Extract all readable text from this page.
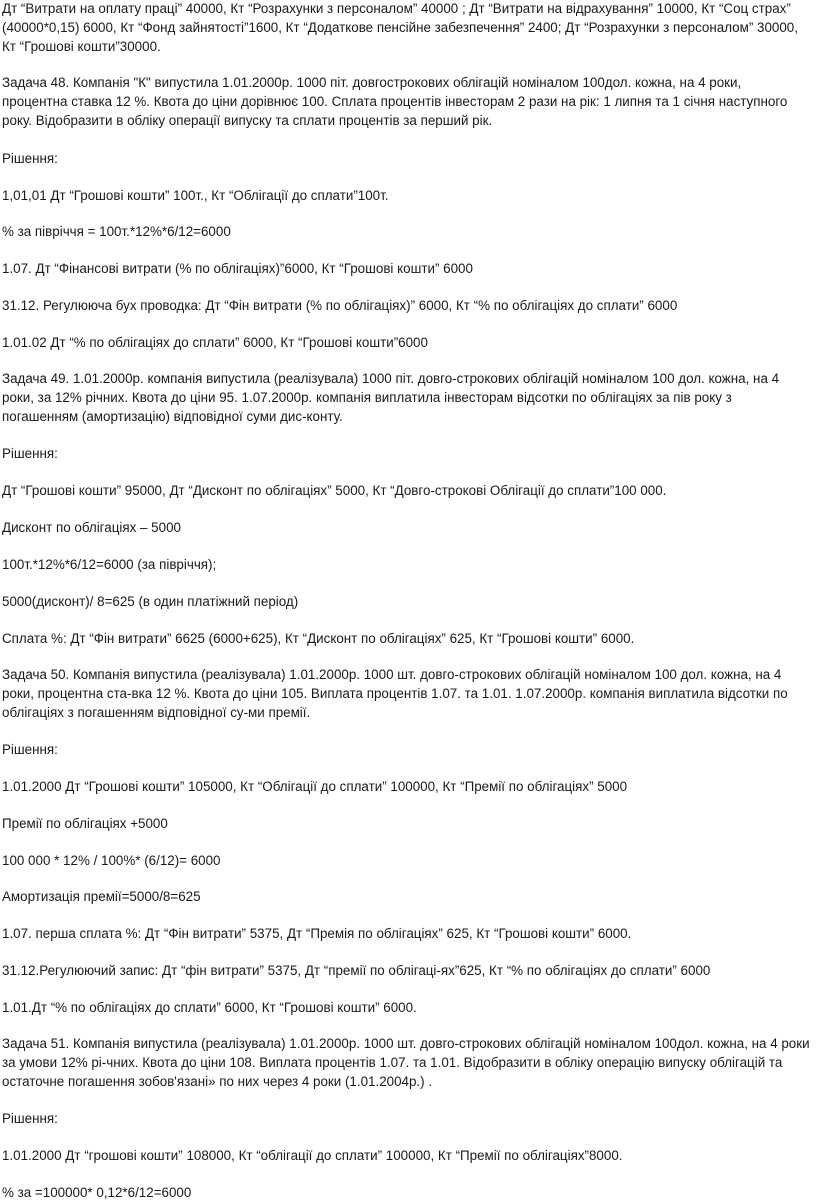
Дт “Витрати на оплату праці” 40000, Кт “Розрахунки з персоналом” 40000 ; Дт “Витрати на відрахування” 10000, Кт “Соц страх” (40000*0,15) 6000, Кт “Фонд зайнятості”1600, Кт “Додаткове пенсійне забезпечення” 2400; Дт “Розрахунки з персоналом” 30000, Кт “Грошові кошти”30000.

Задача 48. Компанія "К" випустила 1.01.2000р. 1000 піт. довгострокових облігацій номіналом 100дол. кожна, на 4 роки, процентна ставка 12 %. Квота до ціни дорівнює 100. Сплата процентів інвесторам 2 рази на рік: 1 липня та 1 січня наступного року. Відобразити в обліку операції випуску та сплати процентів за перший рік.

Рішення:

1,01,01 Дт “Грошові кошти” 100т., Кт “Облігації до сплати”100т.

% за півріччя = 100т.*12%*6/12=6000

1.07. Дт “Фінансові витрати (% по облігаціях)”6000, Кт “Грошові кошти” 6000

31.12. Регулююча бух проводка: Дт “Фін витрати (% по облігаціях)” 6000, Кт “% по облігаціях до сплати” 6000

1.01.02 Дт “% по облігаціях до сплати” 6000, Кт “Грошові кошти”6000

Задача 49. 1.01.2000р. компанія випустила (реалізувала) 1000 піт. довго-строкових облігацій номіналом 100 дол. кожна, на 4 роки, за 12% річних. Квота до ціни 95. 1.07.2000р. компанія виплатила інвесторам відсотки по облігаціях за пів року з погашенням (амортизацію) відповідної суми дис-конту.

Рішення:

Дт “Грошові кошти” 95000, Дт “Дисконт по облігаціях” 5000, Кт “Довго-строкові Облігації до сплати”100 000.

Дисконт по облігаціях – 5000

100т.*12%*6/12=6000 (за півріччя);

5000(дисконт)/ 8=625 (в один платіжний період)

Сплата %: Дт “Фін витрати” 6625 (6000+625), Кт “Дисконт по облігаціях” 625, Кт “Грошові кошти” 6000.

Задача 50. Компанія випустила (реалізувала) 1.01.2000р. 1000 шт. довго-строкових облігацій номіналом 100 дол. кожна, на 4 роки, процентна ста-вка 12 %. Квота до ціни 105. Виплата процентів 1.07. та 1.01. 1.07.2000р. компанія виплатила відсотки по облігаціях з погашенням відповідної су-ми премії.

Рішення:

1.01.2000 Дт “Грошові кошти” 105000, Кт “Облігації до сплати” 100000, Кт “Премії по облігаціях” 5000

Премії по облігаціях +5000

100 000 * 12% / 100%* (6/12)= 6000

Амортизація премії=5000/8=625

1.07. перша сплата %: Дт “Фін витрати” 5375, Дт “Премія по облігаціях” 625, Кт “Грошові кошти” 6000.

31.12.Регулюючий запис: Дт “фін витрати” 5375, Дт “премії по облігаці-ях”625, Кт “% по облігаціях до сплати” 6000

1.01.Дт “% по облігаціях до сплати” 6000, Кт “Грошові кошти” 6000.

Задача 51. Компанія випустила (реалізувала) 1.01.2000р. 1000 шт. довго-строкових облігацій номіналом 100дол. кожна, на 4 роки за умови 12% рі-чних. Квота до ціни 108. Виплата процентів 1.07. та 1.01. Відобразити в обліку операцію випуску облігацій та остаточне погашення зобов'язані» по них через 4 роки (1.01.2004р.) .

Рішення:

1.01.2000 Дт “грошові кошти” 108000, Кт “облігації до сплати” 100000, Кт “Премії по облігаціях”8000.

% за =100000* 0,12*6/12=6000
